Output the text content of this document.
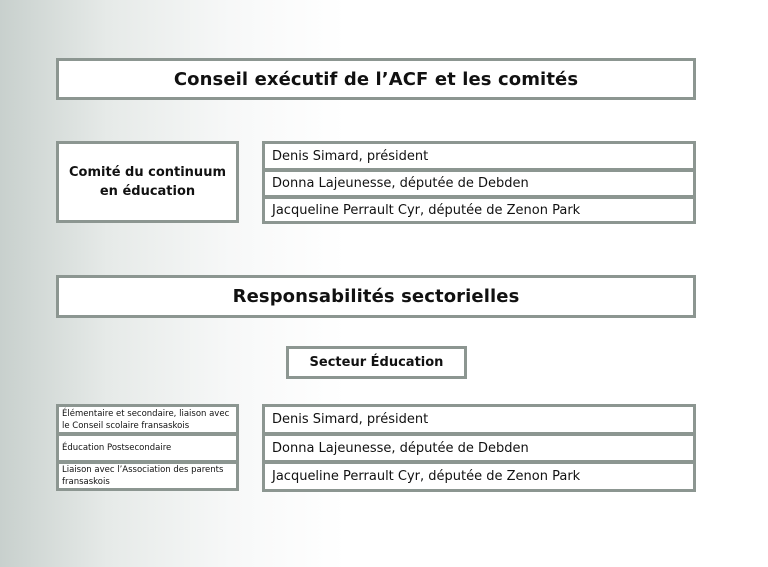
Conseil exécutif de l’ACF et les comités
Comité du continuum en éducation
Denis Simard, président
Donna Lajeunesse, députée de Debden
Jacqueline Perrault Cyr, députée de Zenon Park
Responsabilités sectorielles
Secteur Éducation
Élémentaire et secondaire, liaison avec le Conseil scolaire fransaskois
Éducation Postsecondaire
Liaison avec l’Association des parents fransaskois
Denis Simard, président
Donna Lajeunesse, députée de Debden
Jacqueline Perrault Cyr, députée de Zenon Park
